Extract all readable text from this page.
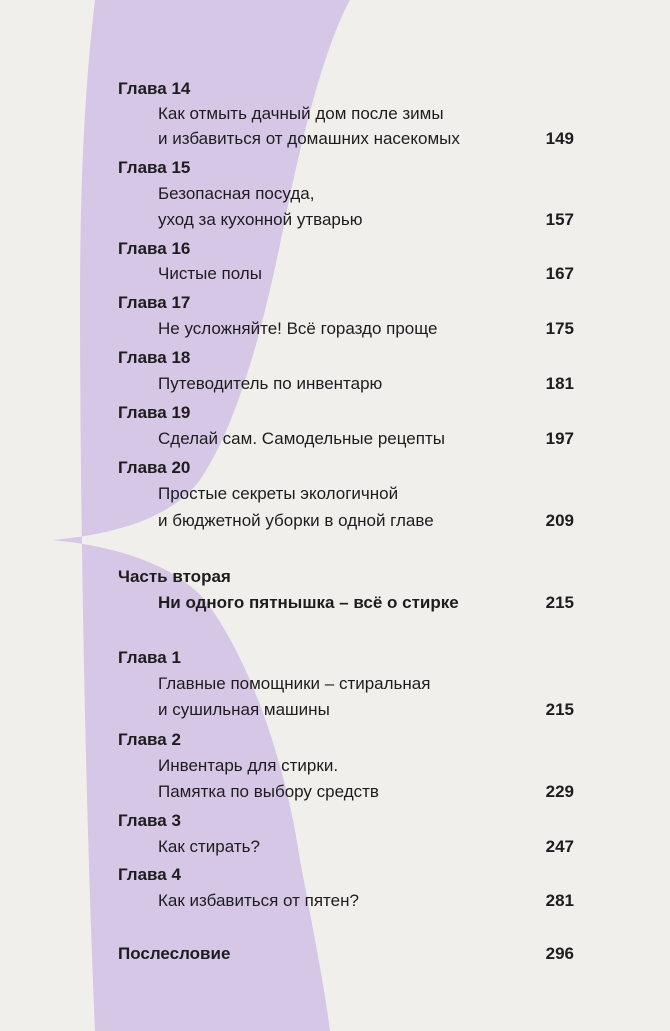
Глава 14
Как отмыть дачный дом после зимы
и избавиться от домашних насекомых	149
Глава 15
Безопасная посуда,
уход за кухонной утварью	157
Глава 16
Чистые полы	167
Глава 17
Не усложняйте! Всё гораздо проще	175
Глава 18
Путеводитель по инвентарю	181
Глава 19
Сделай сам. Самодельные рецепты	197
Глава 20
Простые секреты экологичной
и бюджетной уборки в одной главе	209
Часть вторая
Ни одного пятнышка – всё о стирке	215
Глава 1
Главные помощники – стиральная
и сушильная машины	215
Глава 2
Инвентарь для стирки.
Памятка по выбору средств	229
Глава 3
Как стирать?	247
Глава 4
Как избавиться от пятен?	281
Послесловие	296
